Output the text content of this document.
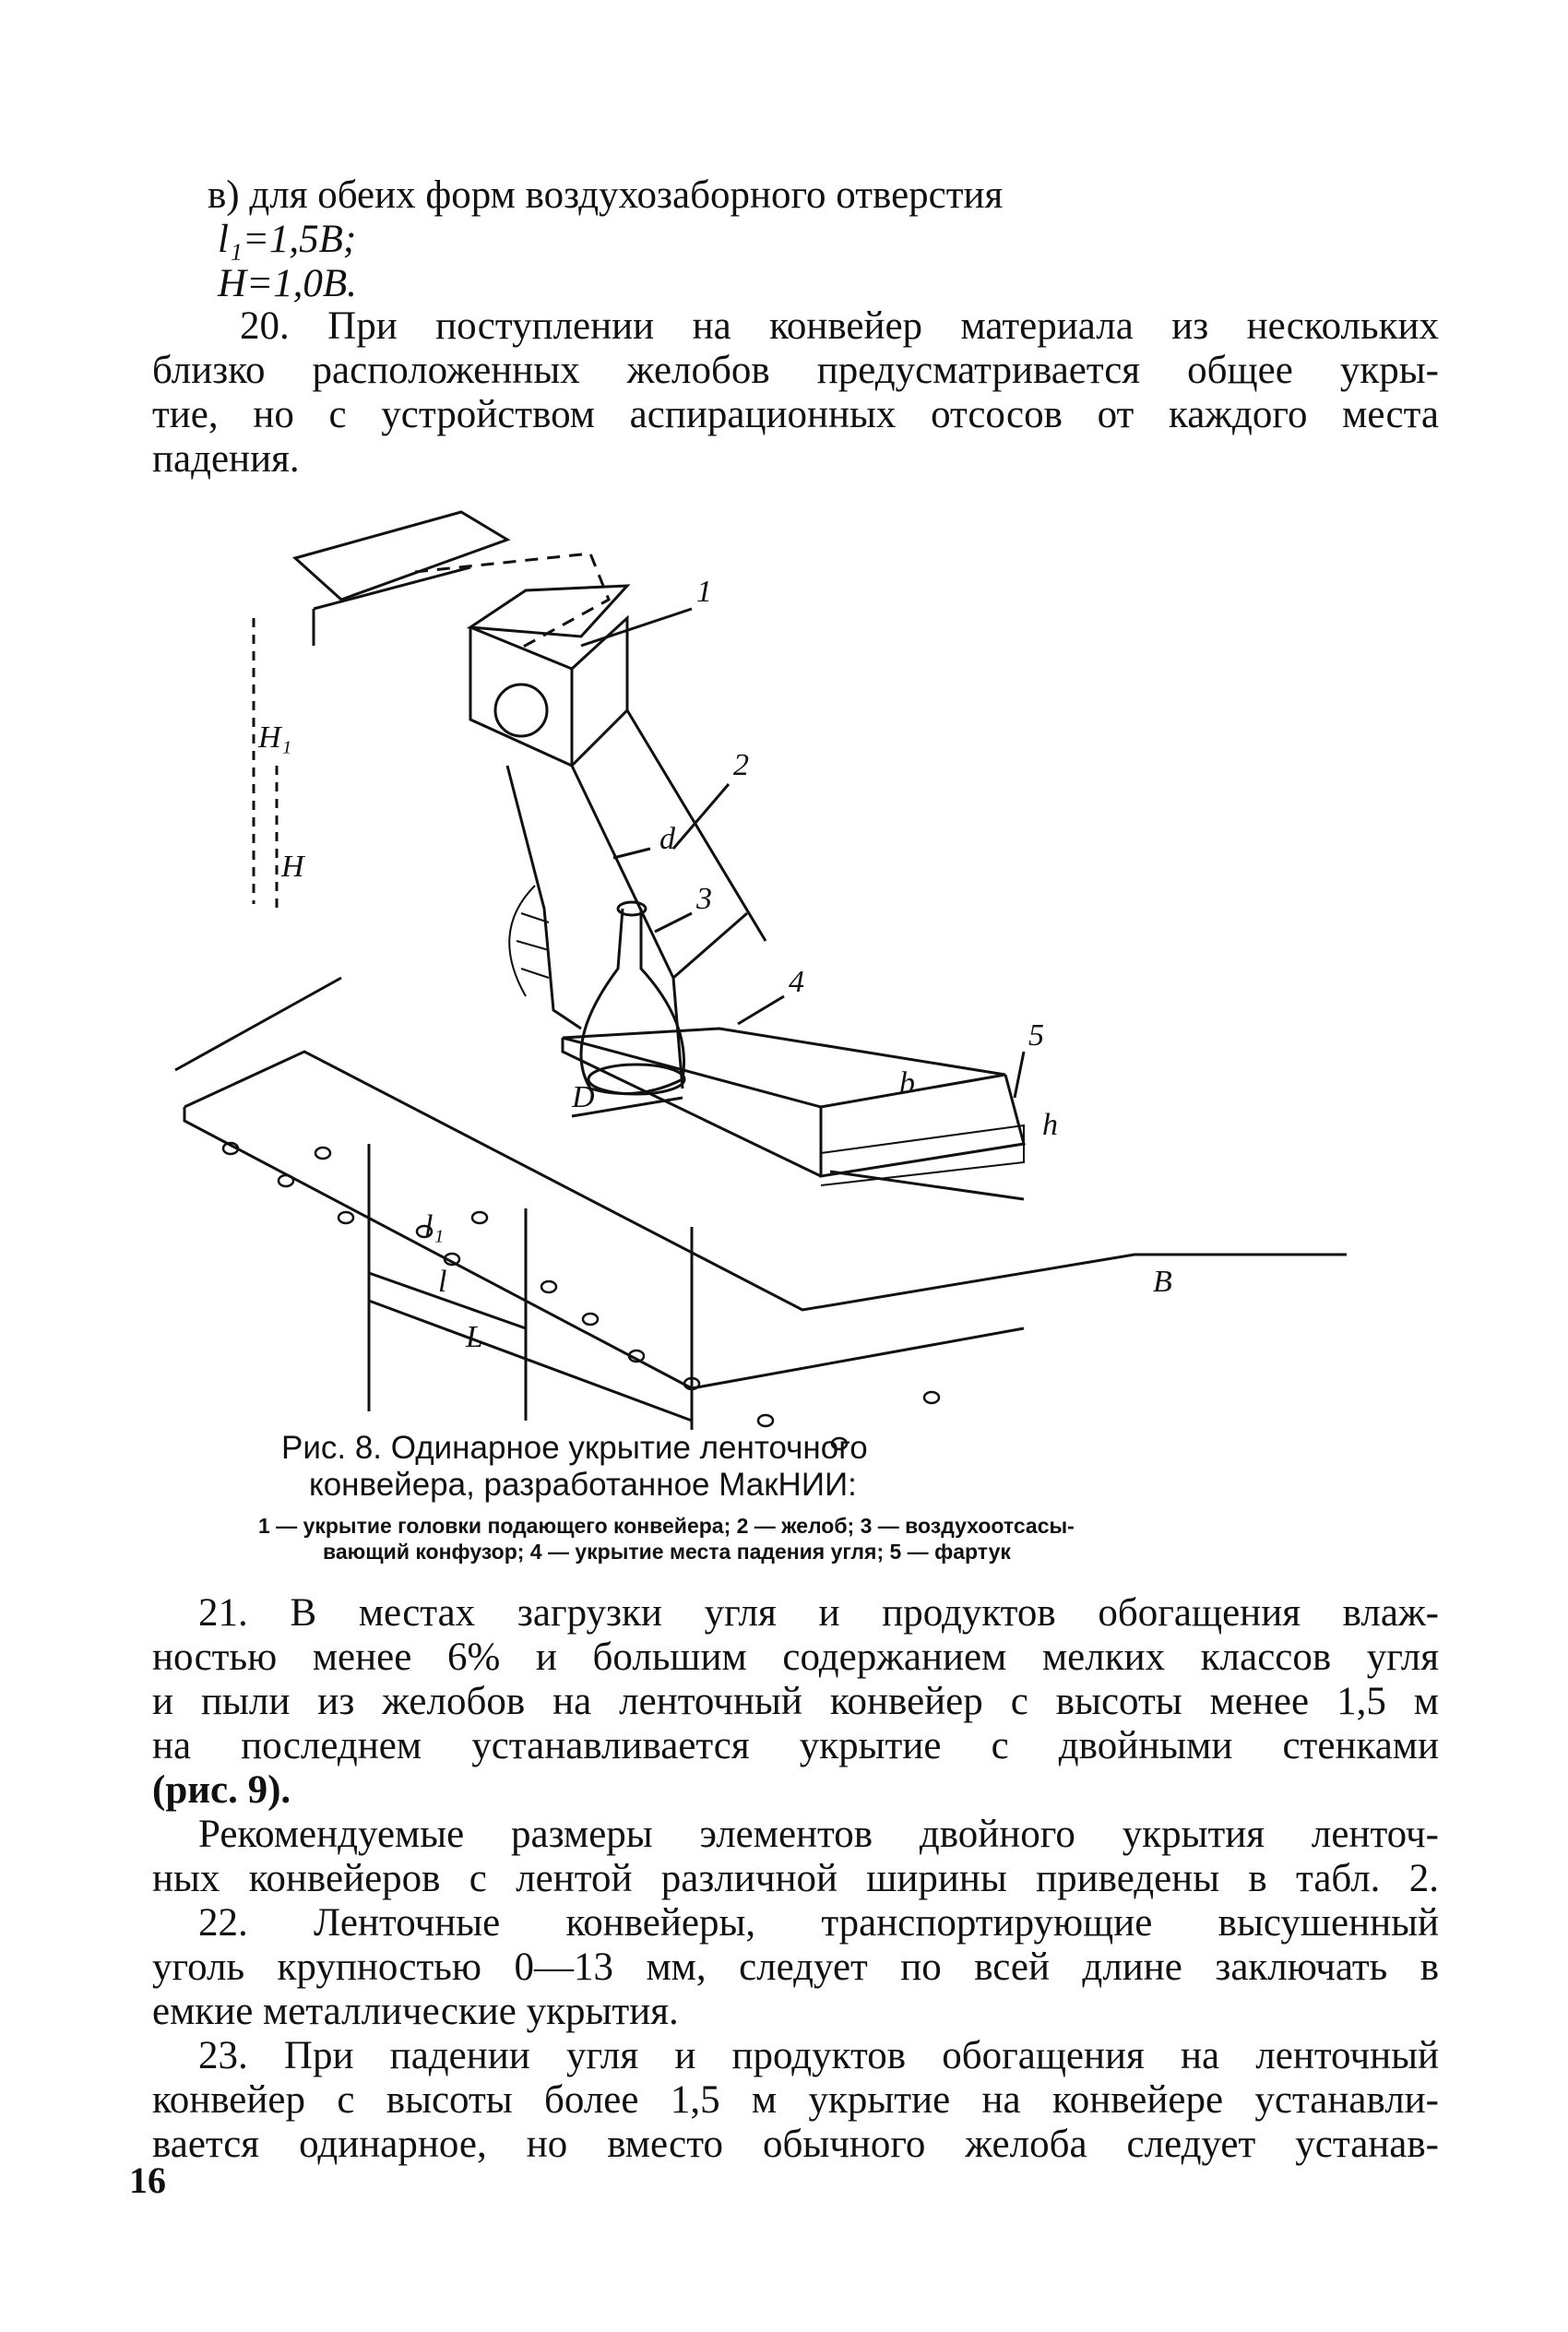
в) для обеих форм воздухозаборного отверстия
l₁=1,5B;
H=1,0B.
20. При поступлении на конвейер материала из нескольких
близко расположенных желобов предусматривается общее укры-
тие, но с устройством аспирационных отсосов от каждого места
падения.
1
2
3
4
5
d
D	b
h
B
l₁
l
L
H
H₁
Рис. 8. Одинарное укрытие ленточного
конвейера, разработанное МакНИИ:
1 — укрытие головки подающего конвейера; 2 — желоб; 3 — воздухоотсасы-
вающий конфузор; 4 — укрытие места падения угля; 5 — фартук
21. В местах загрузки угля и продуктов обогащения влаж-
ностью менее 6% и большим содержанием мелких классов угля
и пыли из желобов на ленточный конвейер с высоты менее 1,5 м
на последнем устанавливается укрытие с двойными стенками
(рис. 9).
Рекомендуемые размеры элементов двойного укрытия ленточ-
ных конвейеров с лентой различной ширины приведены в табл. 2.
22. Ленточные конвейеры, транспортирующие высушенный
уголь крупностью 0—13 мм, следует по всей длине заключать в
емкие металлические укрытия.
23. При падении угля и продуктов обогащения на ленточный
конвейер с высоты более 1,5 м укрытие на конвейере устанавли-
вается одинарное, но вместо обычного желоба следует устанав-
16
